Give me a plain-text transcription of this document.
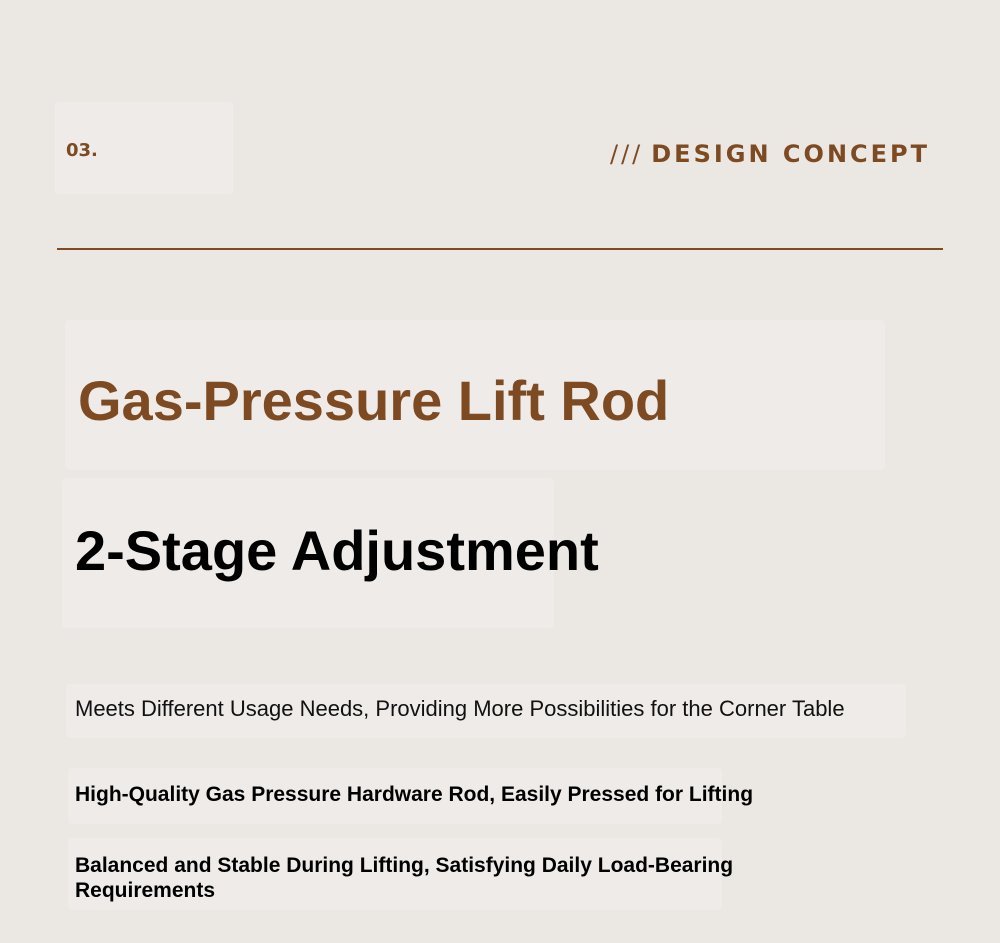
03.	/// DESIGN CONCEPT

Gas-Pressure Lift Rod
2-Stage Adjustment

Meets Different Usage Needs, Providing More Possibilities for the Corner Table

High-Quality Gas Pressure Hardware Rod, Easily Pressed for Lifting

Balanced and Stable During Lifting, Satisfying Daily Load-Bearing Requirements
